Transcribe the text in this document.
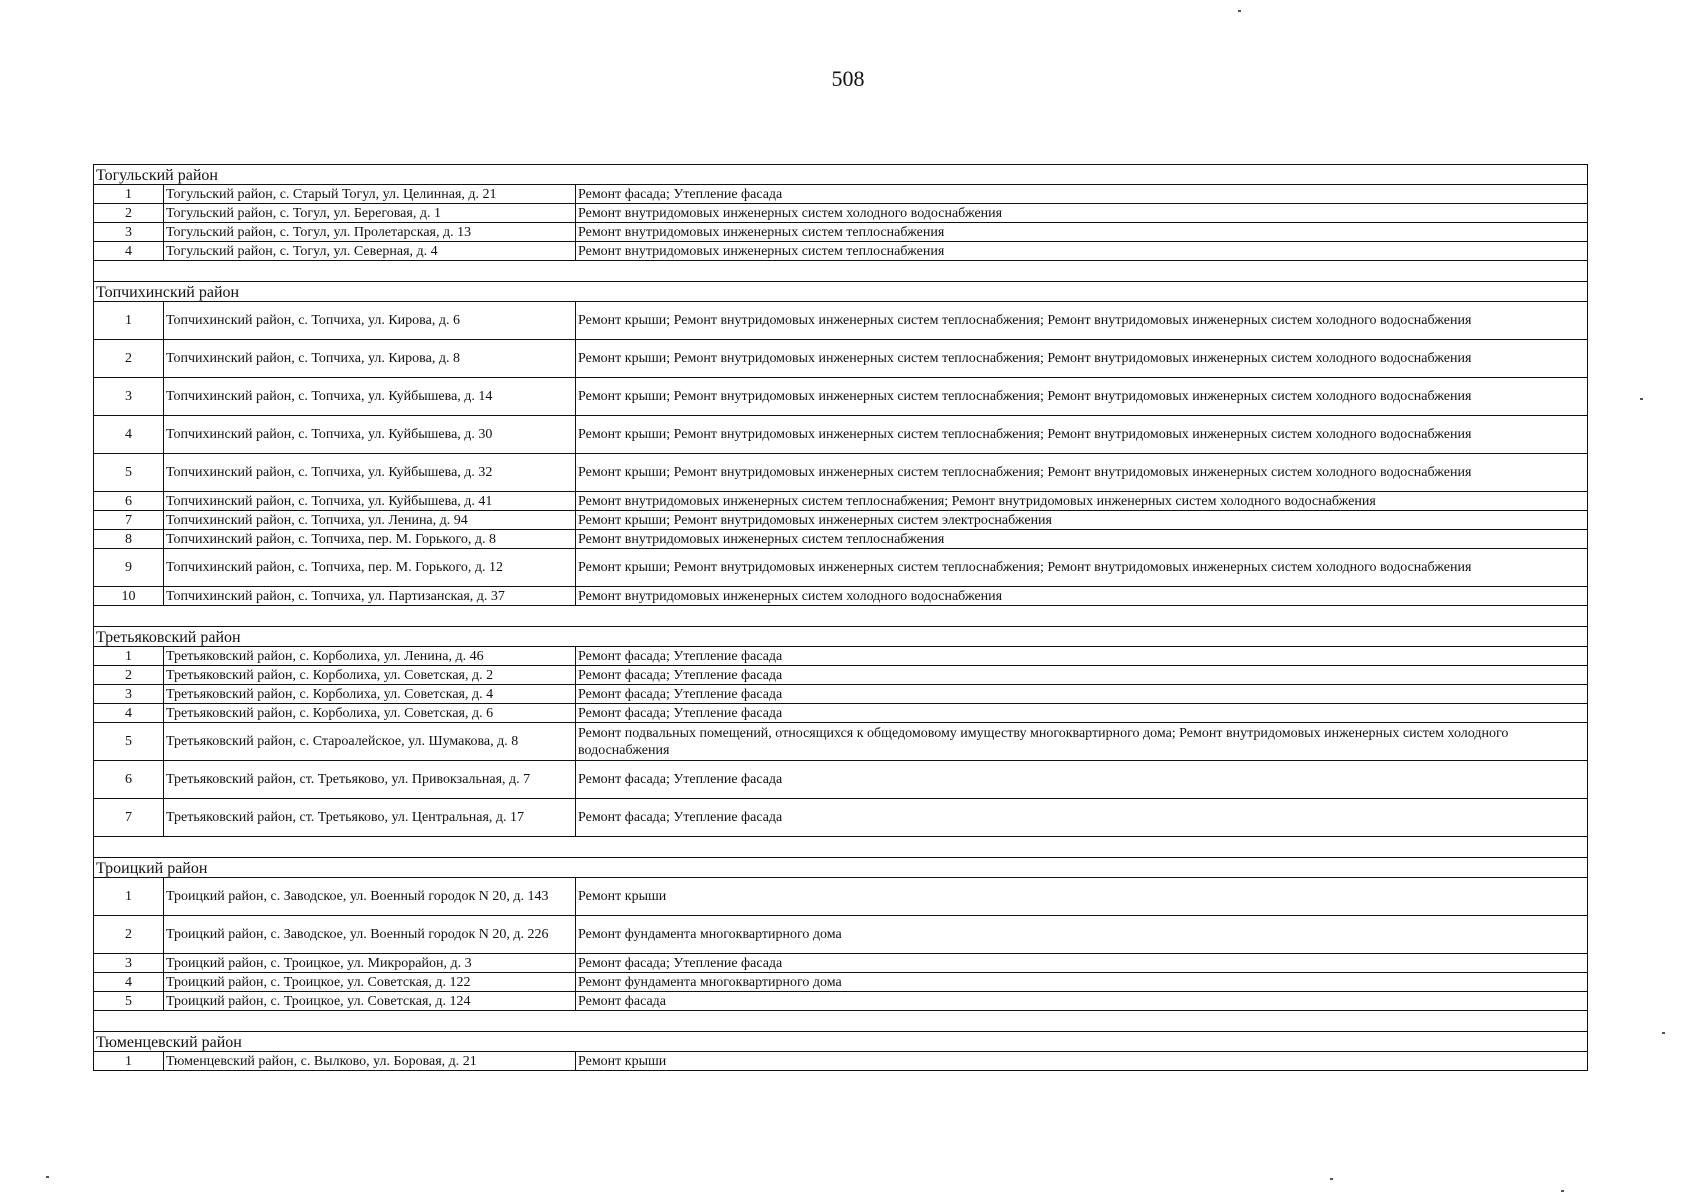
508
Тогульский район		
1	Тогульский район, с. Старый Тогул, ул. Целинная, д. 21	Ремонт фасада; Утепление фасада
2	Тогульский район, с. Тогул, ул. Береговая, д. 1	Ремонт внутридомовых инженерных систем холодного водоснабжения
3	Тогульский район, с. Тогул, ул. Пролетарская, д. 13	Ремонт внутридомовых инженерных систем теплоснабжения
4	Тогульский район, с. Тогул, ул. Северная, д. 4	Ремонт внутридомовых инженерных систем теплоснабжения

Топчихинский район		
1	Топчихинский район, с. Топчиха, ул. Кирова, д. 6	Ремонт крыши; Ремонт внутридомовых инженерных систем теплоснабжения; Ремонт внутридомовых инженерных систем холодного водоснабжения
2	Топчихинский район, с. Топчиха, ул. Кирова, д. 8	Ремонт крыши; Ремонт внутридомовых инженерных систем теплоснабжения; Ремонт внутридомовых инженерных систем холодного водоснабжения
3	Топчихинский район, с. Топчиха, ул. Куйбышева, д. 14	Ремонт крыши; Ремонт внутридомовых инженерных систем теплоснабжения; Ремонт внутридомовых инженерных систем холодного водоснабжения
4	Топчихинский район, с. Топчиха, ул. Куйбышева, д. 30	Ремонт крыши; Ремонт внутридомовых инженерных систем теплоснабжения; Ремонт внутридомовых инженерных систем холодного водоснабжения
5	Топчихинский район, с. Топчиха, ул. Куйбышева, д. 32	Ремонт крыши; Ремонт внутридомовых инженерных систем теплоснабжения; Ремонт внутридомовых инженерных систем холодного водоснабжения
6	Топчихинский район, с. Топчиха, ул. Куйбышева, д. 41	Ремонт внутридомовых инженерных систем теплоснабжения; Ремонт внутридомовых инженерных систем холодного водоснабжения
7	Топчихинский район, с. Топчиха, ул. Ленина, д. 94	Ремонт крыши; Ремонт внутридомовых инженерных систем электроснабжения
8	Топчихинский район, с. Топчиха, пер. М. Горького, д. 8	Ремонт внутридомовых инженерных систем теплоснабжения
9	Топчихинский район, с. Топчиха, пер. М. Горького, д. 12	Ремонт крыши; Ремонт внутридомовых инженерных систем теплоснабжения; Ремонт внутридомовых инженерных систем холодного водоснабжения
10	Топчихинский район, с. Топчиха, ул. Партизанская, д. 37	Ремонт внутридомовых инженерных систем холодного водоснабжения

Третьяковский район		
1	Третьяковский район, с. Корболиха, ул. Ленина, д. 46	Ремонт фасада; Утепление фасада
2	Третьяковский район, с. Корболиха, ул. Советская, д. 2	Ремонт фасада; Утепление фасада
3	Третьяковский район, с. Корболиха, ул. Советская, д. 4	Ремонт фасада; Утепление фасада
4	Третьяковский район, с. Корболиха, ул. Советская, д. 6	Ремонт фасада; Утепление фасада
5	Третьяковский район, с. Староалейское, ул. Шумакова, д. 8	Ремонт подвальных помещений, относящихся к общедомовому имуществу многоквартирного дома; Ремонт внутридомовых инженерных систем холодного водоснабжения
6	Третьяковский район, ст. Третьяково, ул. Привокзальная, д. 7	Ремонт фасада; Утепление фасада
7	Третьяковский район, ст. Третьяково, ул. Центральная, д. 17	Ремонт фасада; Утепление фасада

Троицкий район		
1	Троицкий район, с. Заводское, ул. Военный городок N 20, д. 143	Ремонт крыши
2	Троицкий район, с. Заводское, ул. Военный городок N 20, д. 226	Ремонт фундамента многоквартирного дома
3	Троицкий район, с. Троицкое, ул. Микрорайон, д. 3	Ремонт фасада; Утепление фасада
4	Троицкий район, с. Троицкое, ул. Советская, д. 122	Ремонт фундамента многоквартирного дома
5	Троицкий район, с. Троицкое, ул. Советская, д. 124	Ремонт фасада

Тюменцевский район		
1	Тюменцевский район, с. Вылково, ул. Боровая, д. 21	Ремонт крыши
